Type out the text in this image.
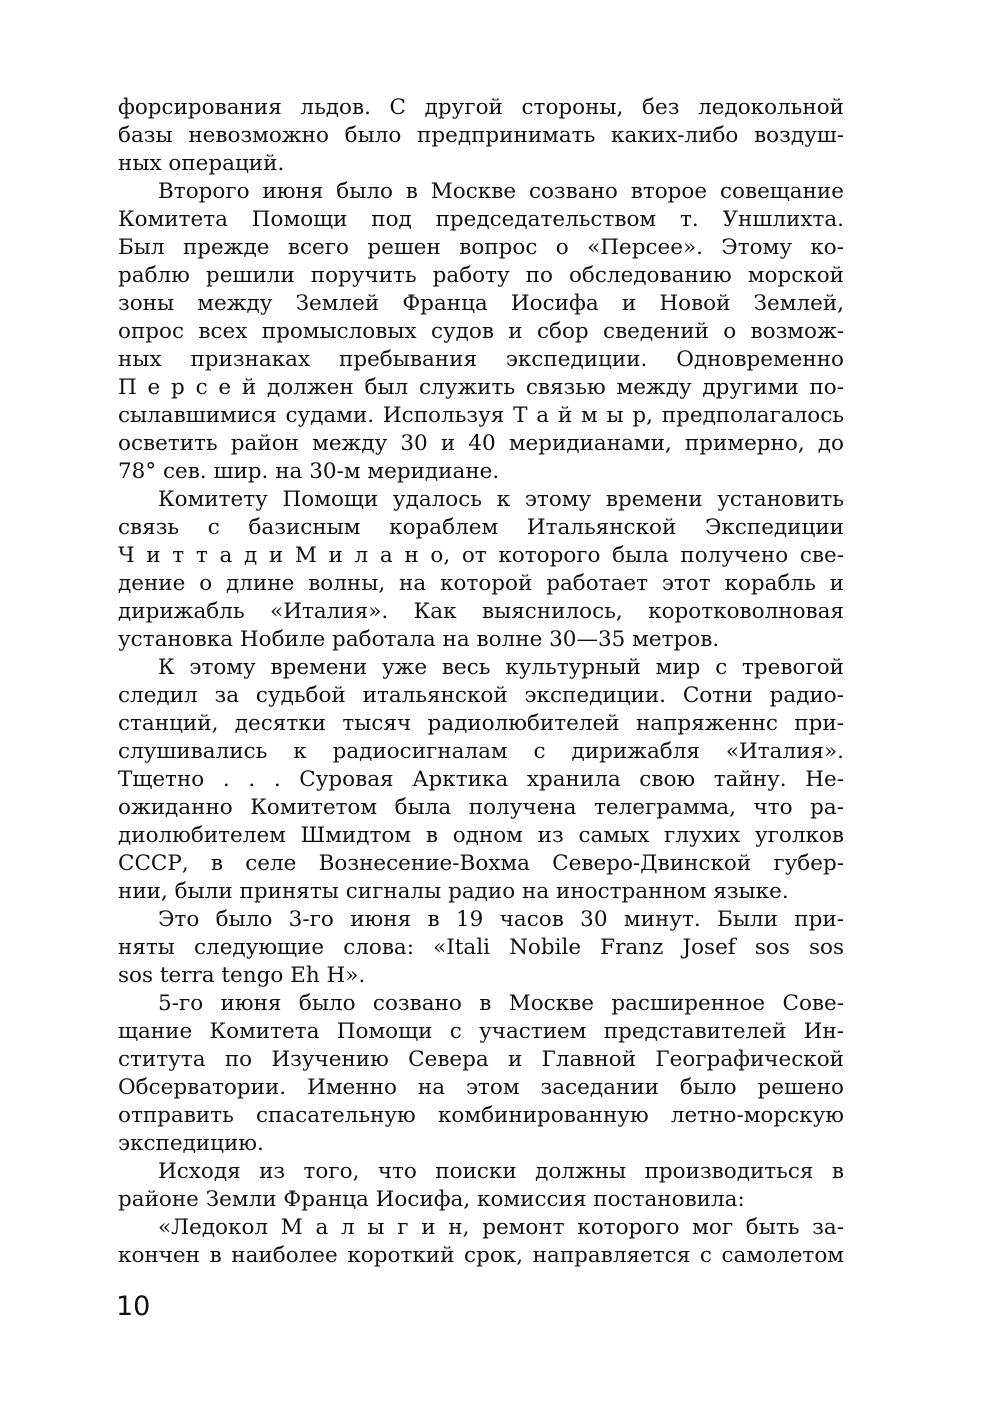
форсирования льдов. С другой стороны, без ледокольной
базы невозможно было предпринимать каких-либо воздуш-
ных операций.
Второго июня было в Москве созвано второе совещание
Комитета Помощи под председательством т. Уншлихта.
Был прежде всего решен вопрос о «Персее». Этому ко-
раблю решили поручить работу по обследованию морской
зоны между Землей Франца Иосифа и Новой Землей,
опрос всех промысловых судов и сбор сведений о возмож-
ных признаках пребывания экспедиции. Одновременно
П е р с е й должен был служить связью между другими по-
сылавшимися судами. Используя Т а й м ы р, предполагалось
осветить район между 30 и 40 меридианами, примерно, до
78° сев. шир. на 30-м меридиане.
Комитету Помощи удалось к этому времени установить
связь с базисным кораблем Итальянской Экспедиции
Ч и т т а д и М и л а н о, от которого была получено све-
дение о длине волны, на которой работает этот корабль и
дирижабль «Италия». Как выяснилось, коротковолновая
установка Нобиле работала на волне 30—35 метров.
К этому времени уже весь культурный мир с тревогой
следил за судьбой итальянской экспедиции. Сотни радио-
станций, десятки тысяч радиолюбителей напряженнс при-
слушивались к радиосигналам с дирижабля «Италия».
Тщетно . . . Суровая Арктика хранила свою тайну. Не-
ожиданно Комитетом была получена телеграмма, что ра-
диолюбителем Шмидтом в одном из самых глухих уголков
СССР, в селе Вознесение-Вохма Северо-Двинской губер-
нии, были приняты сигналы радио на иностранном языке.
Это было 3-го июня в 19 часов 30 минут. Были при-
няты следующие слова: «Itali Nobile Franz Josef sos sos
sos terra tengo Eh H».
5-го июня было созвано в Москве расширенное Сове-
щание Комитета Помощи с участием представителей Ин-
ститута по Изучению Севера и Главной Географической
Обсерватории. Именно на этом заседании было решено
отправить спасательную комбинированную летно-морскую
экспедицию.
Исходя из того, что поиски должны производиться в
районе Земли Франца Иосифа, комиссия постановила:
«Ледокол М а л ы г и н, ремонт которого мог быть за-
кончен в наиболее короткий срок, направляется с самолетом
10
